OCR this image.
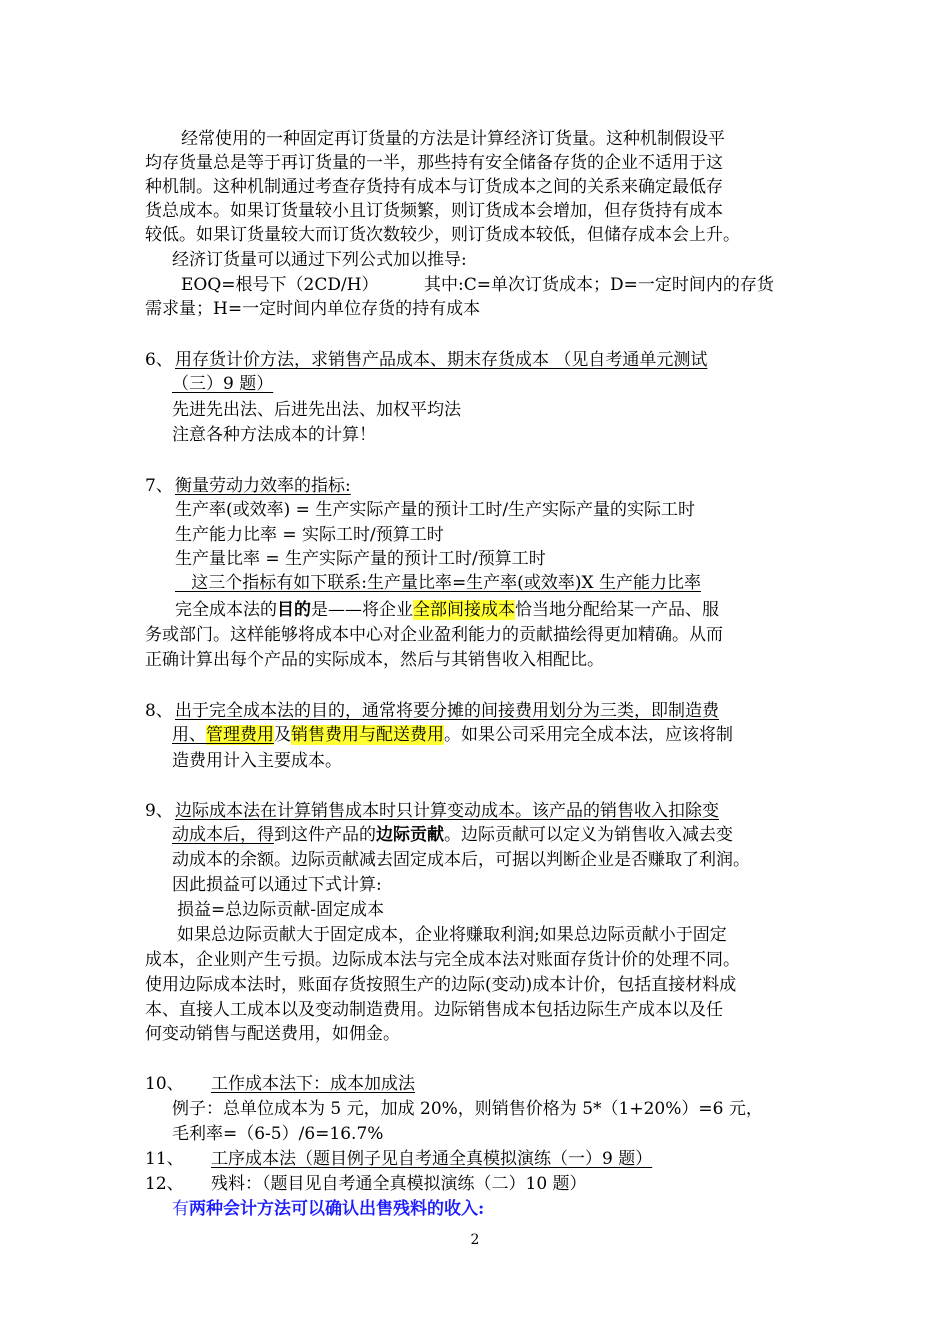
经常使用的一种固定再订货量的方法是计算经济订货量。这种机制假设平
均存货量总是等于再订货量的一半，那些持有安全储备存货的企业不适用于这
种机制。这种机制通过考查存货持有成本与订货成本之间的关系来确定最低存
货总成本。如果订货量较小且订货频繁，则订货成本会增加，但存货持有成本
较低。如果订货量较大而订货次数较少，则订货成本较低，但储存成本会上升。
经济订货量可以通过下列公式加以推导:
EOQ=根号下（2CD/H）	其中:C=单次订货成本；D=一定时间内的存货
需求量；H=一定时间内单位存货的持有成本
6、 用存货计价方法，求销售产品成本、期末存货成本 （见自考通单元测试
（三）9 题）
先进先出法、后进先出法、加权平均法
注意各种方法成本的计算！
7、 衡量劳动力效率的指标:
生产率(或效率) = 生产实际产量的预计工时/生产实际产量的实际工时
生产能力比率 = 实际工时/预算工时
生产量比率 = 生产实际产量的预计工时/预算工时
这三个指标有如下联系:生产量比率=生产率(或效率)X 生产能力比率
完全成本法的目的是——将企业全部间接成本恰当地分配给某一产品、服
务或部门。这样能够将成本中心对企业盈利能力的贡献描绘得更加精确。从而
正确计算出每个产品的实际成本，然后与其销售收入相配比。
8、 出于完全成本法的目的，通常将要分摊的间接费用划分为三类，即制造费
用、管理费用及销售费用与配送费用。如果公司采用完全成本法，应该将制
造费用计入主要成本。
9、 边际成本法在计算销售成本时只计算变动成本。该产品的销售收入扣除变
动成本后，得到这件产品的边际贡献。边际贡献可以定义为销售收入减去变
动成本的余额。边际贡献减去固定成本后，可据以判断企业是否赚取了利润。
因此损益可以通过下式计算:
损益=总边际贡献-固定成本
如果总边际贡献大于固定成本，企业将赚取利润;如果总边际贡献小于固定
成本，企业则产生亏损。边际成本法与完全成本法对账面存货计价的处理不同。
使用边际成本法时，账面存货按照生产的边际(变动)成本计价，包括直接材料成
本、直接人工成本以及变动制造费用。边际销售成本包括边际生产成本以及任
何变动销售与配送费用，如佣金。
10、 工作成本法下：成本加成法
例子：总单位成本为 5 元，加成 20%，则销售价格为 5*（1+20%）=6 元，
毛利率=（6-5）/6=16.7%
11、 工序成本法（题目例子见自考通全真模拟演练（一）9 题）
12、 残料：（题目见自考通全真模拟演练（二）10 题）
有两种会计方法可以确认出售残料的收入:
2
